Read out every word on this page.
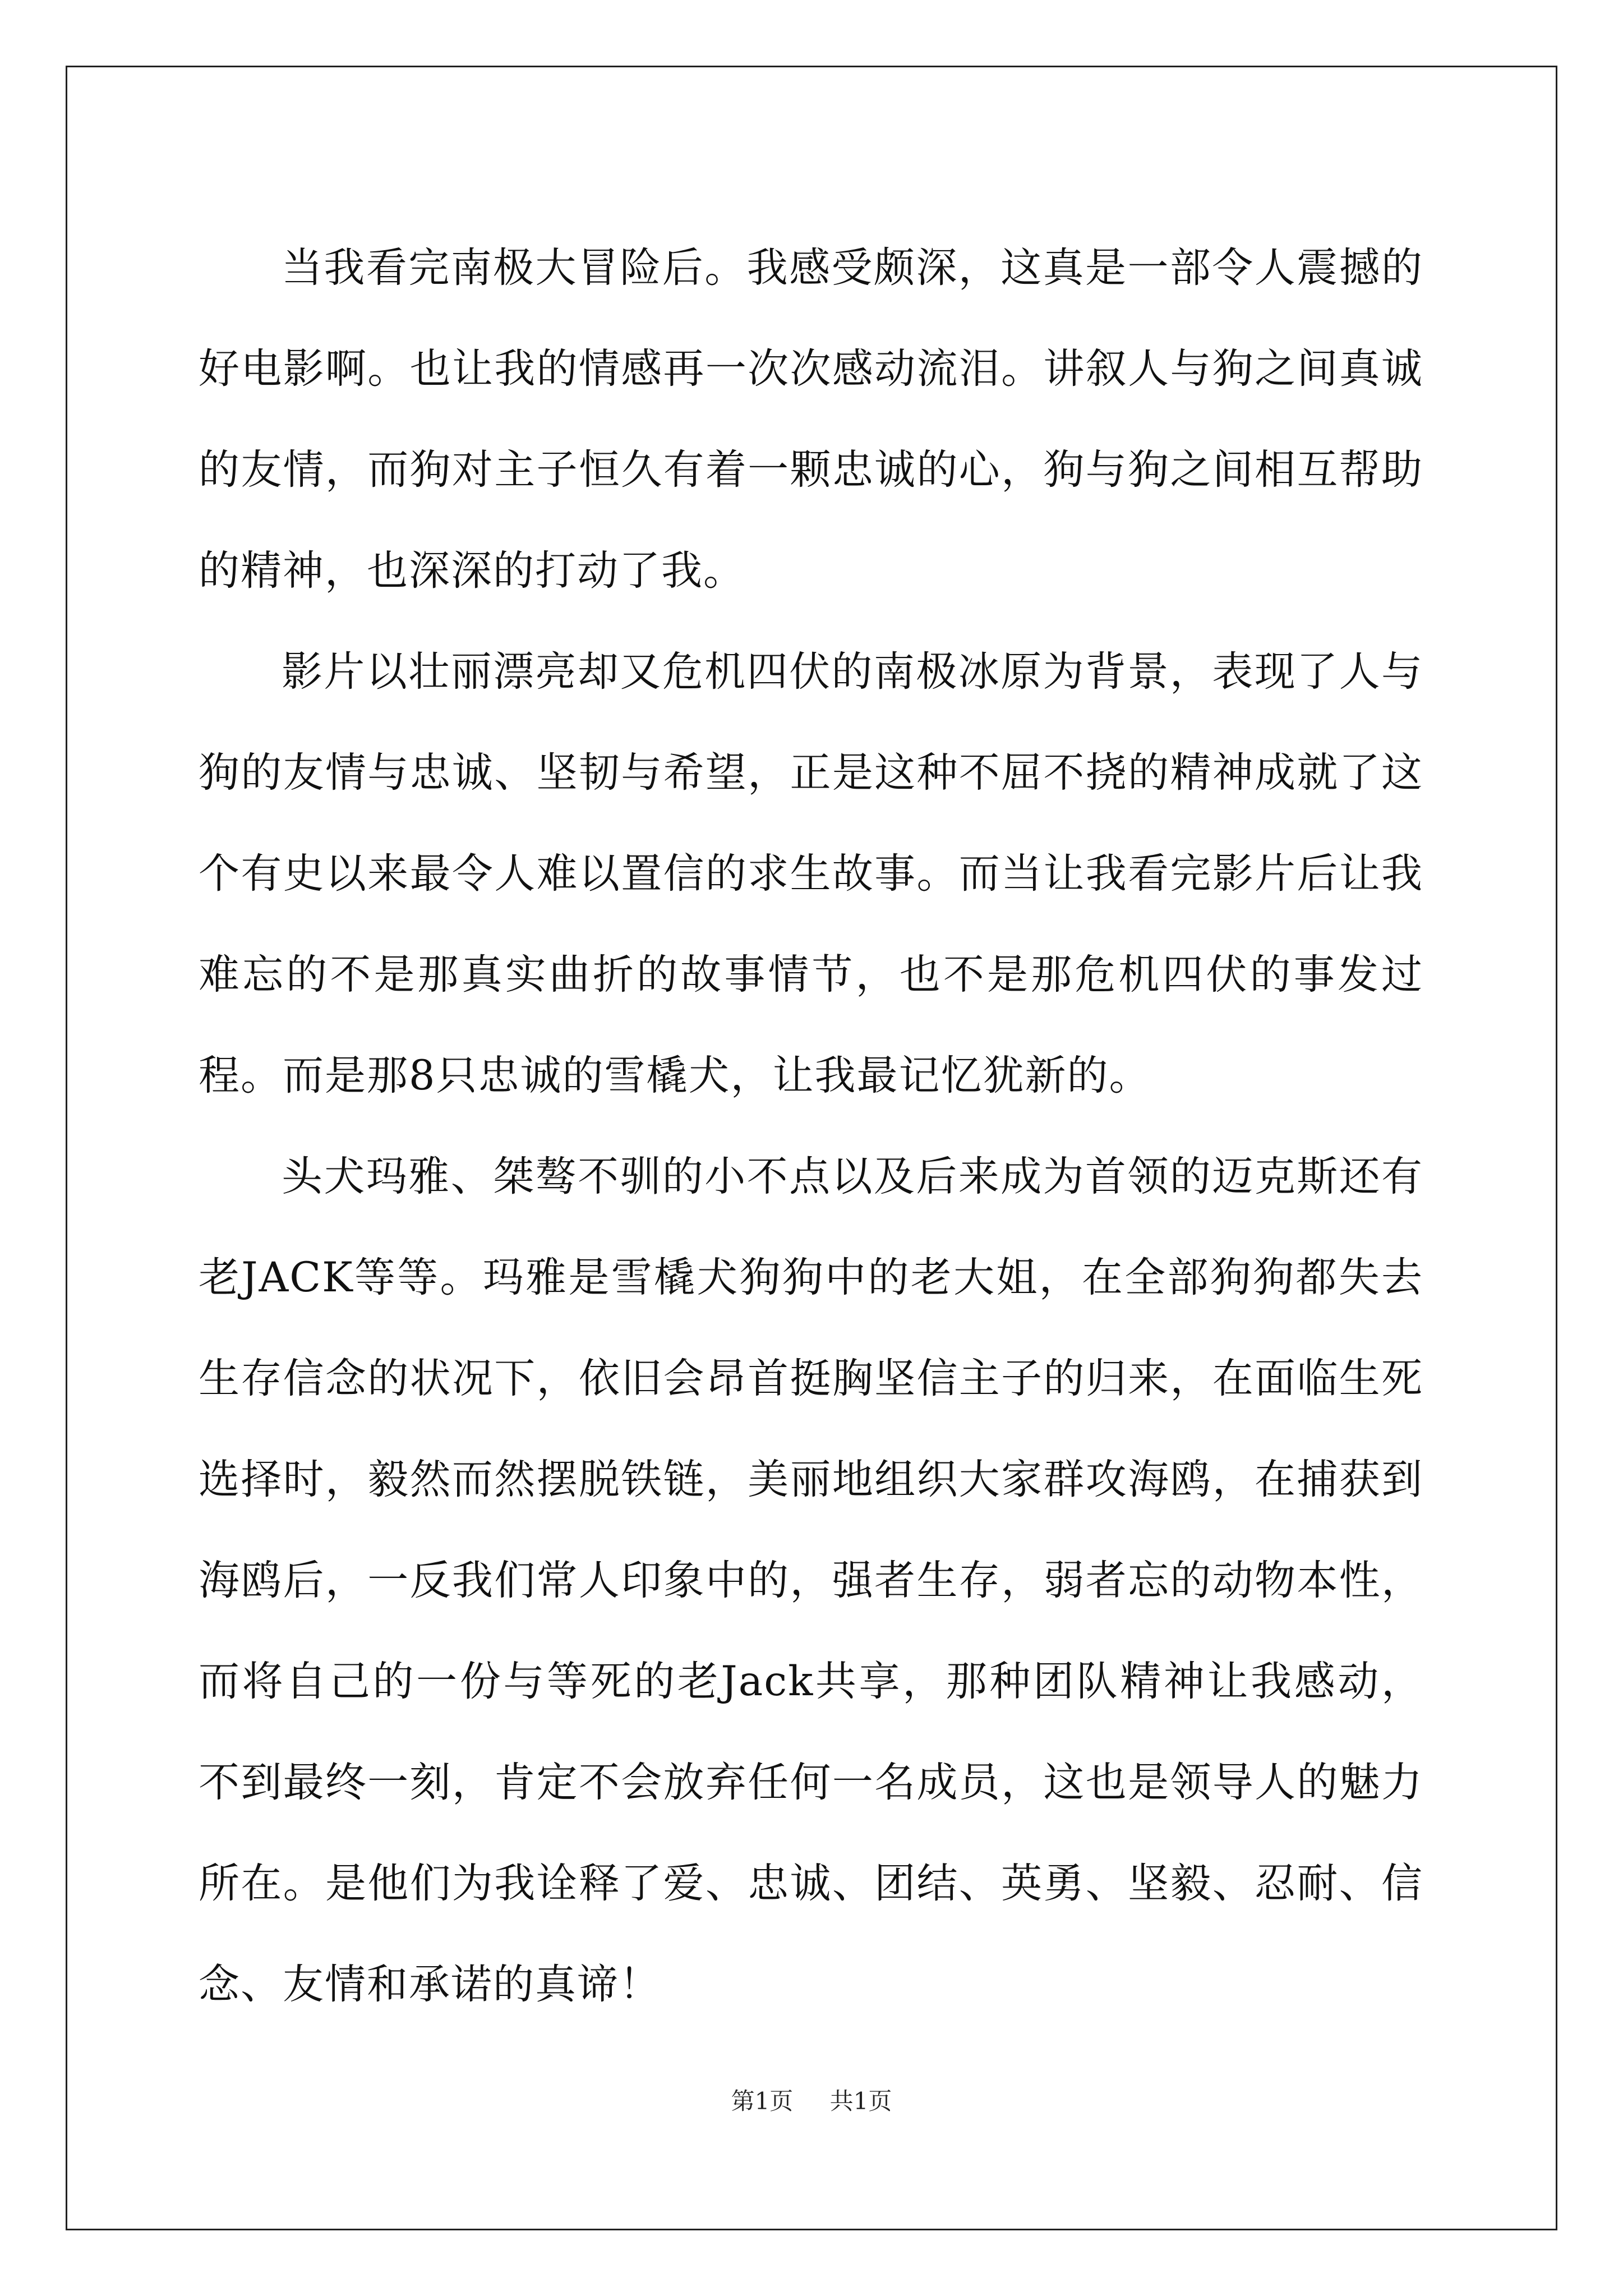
当我看完南极大冒险后。我感受颇深，这真是一部令人震撼的好电影啊。也让我的情感再一次次感动流泪。讲叙人与狗之间真诚的友情，而狗对主子恒久有着一颗忠诚的心，狗与狗之间相互帮助的精神，也深深的打动了我。

影片以壮丽漂亮却又危机四伏的南极冰原为背景，表现了人与狗的友情与忠诚、坚韧与希望，正是这种不屈不挠的精神成就了这个有史以来最令人难以置信的求生故事。而当让我看完影片后让我难忘的不是那真实曲折的故事情节，也不是那危机四伏的事发过程。而是那8只忠诚的雪橇犬，让我最记忆犹新的。

头犬玛雅、桀骜不驯的小不点以及后来成为首领的迈克斯还有老JACK等等。玛雅是雪橇犬狗狗中的老大姐，在全部狗狗都失去生存信念的状况下，依旧会昂首挺胸坚信主子的归来，在面临生死选择时，毅然而然摆脱铁链，美丽地组织大家群攻海鸥，在捕获到海鸥后，一反我们常人印象中的，强者生存，弱者忘的动物本性，而将自己的一份与等死的老Jack共享，那种团队精神让我感动，不到最终一刻，肯定不会放弃任何一名成员，这也是领导人的魅力所在。是他们为我诠释了爱、忠诚、团结、英勇、坚毅、忍耐、信念、友情和承诺的真谛！

第1页 共1页
